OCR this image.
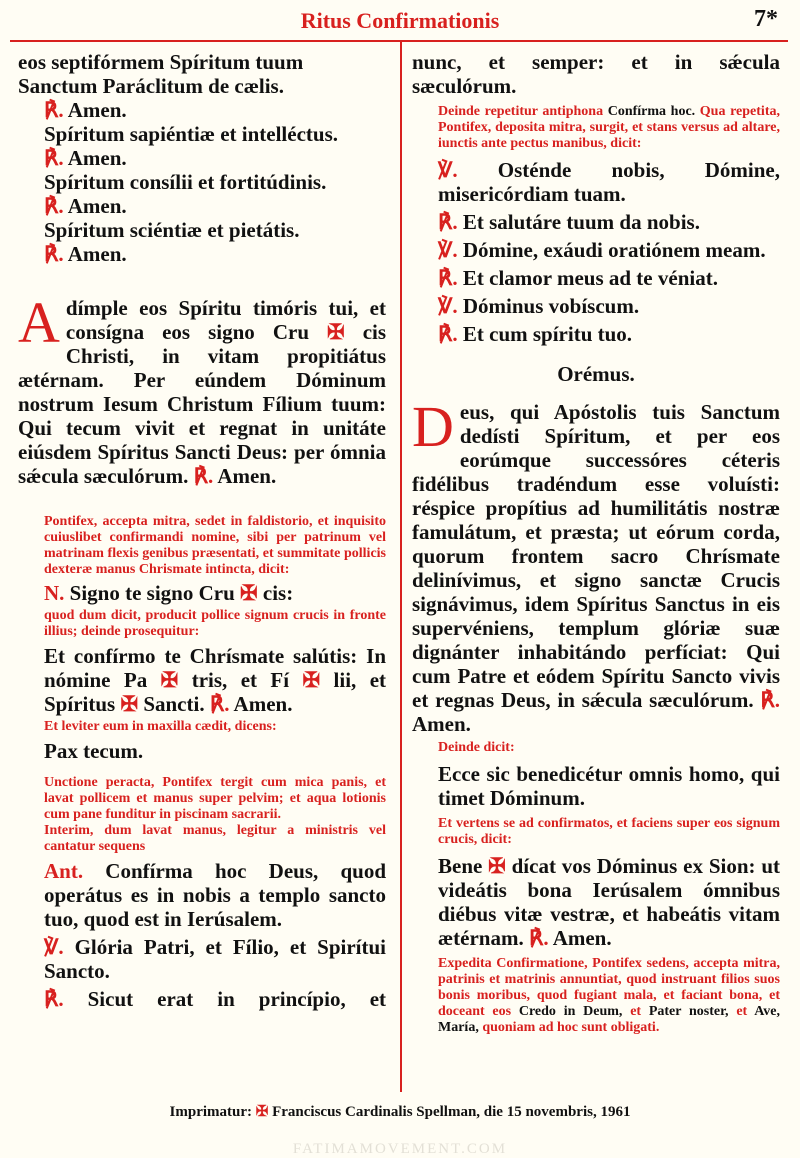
Ritus Confirmationis	7*

eos septifórmem Spíritum tuum

Sanctum Paráclitum de cælis.

℟. Amen.

Spíritum sapiéntiæ et intelléctus.

℟. Amen.

Spíritum consílii et fortitúdinis.

℟. Amen.

Spíritum sciéntiæ et pietátis.

℟. Amen.

Adímple eos Spíritu timóris tui, et consígna eos signo Cru ✠ cis Christi, in vitam propitiátus ætérnam. Per eúndem Dóminum nostrum Iesum Christum Fílium tuum: Qui tecum vivit et regnat in unitáte eiúsdem Spíritus Sancti Deus: per ómnia sǽcula sæculórum. ℟. Amen.

Pontifex, accepta mitra, sedet in faldistorio, et inquisito cuiuslibet confirmandi nomine, sibi per patrinum vel matrinam flexis genibus præsentati, et summitate pollicis dexteræ manus Chrismate intincta, dicit:

N. Signo te signo Cru ✠ cis:

quod dum dicit, producit pollice signum crucis in fronte illius; deinde prosequitur:

Et confírmo te Chrísmate salútis: In nómine Pa ✠ tris, et Fí ✠ lii, et Spíritus ✠ Sancti. ℟. Amen.

Et leviter eum in maxilla cædit, dicens:

Pax tecum.

Unctione peracta, Pontifex tergit cum mica panis, et lavat pollicem et manus super pelvim; et aqua lotionis cum pane funditur in piscinam sacrarii.

Interim, dum lavat manus, legitur a ministris vel cantatur sequens

Ant. Confírma hoc Deus, quod operátus es in nobis a templo sancto tuo, quod est in Ierúsalem.

℣. Glória Patri, et Fílio, et Spirítui Sancto.

℟. Sicut erat in princípio, et

nunc, et semper: et in sǽcula sæculórum.

Deinde repetitur antiphona Confírma hoc. Qua repetita, Pontifex, deposita mitra, surgit, et stans versus ad altare, iunctis ante pectus manibus, dicit:

℣. Osténde nobis, Dómine, misericórdiam tuam.

℟. Et salutáre tuum da nobis.

℣. Dómine, exáudi oratiónem meam.

℟. Et clamor meus ad te véniat.

℣. Dóminus vobíscum.

℟. Et cum spíritu tuo.

Orémus.

Deus, qui Apóstolis tuis Sanctum dedísti Spíritum, et per eos eorúmque successóres céteris fidélibus tradéndum esse voluísti: réspice propítius ad humilitátis nostræ famulátum, et præsta; ut eórum corda, quorum frontem sacro Chrísmate delinívimus, et signo sanctæ Crucis signávimus, idem Spíritus Sanctus in eis supervéniens, templum glóriæ suæ dignánter inhabitándo perfíciat: Qui cum Patre et eódem Spíritu Sancto vivis et regnas Deus, in sǽcula sæculórum. ℟. Amen.

Deinde dicit:

Ecce sic benedicétur omnis homo, qui timet Dóminum.

Et vertens se ad confirmatos, et faciens super eos signum crucis, dicit:

Bene ✠ dícat vos Dóminus ex Sion: ut videátis bona Ierúsalem ómnibus diébus vitæ vestræ, et habeátis vitam ætérnam. ℟. Amen.

Expedita Confirmatione, Pontifex sedens, accepta mitra, patrinis et matrinis annuntiat, quod instruant filios suos bonis moribus, quod fugiant mala, et faciant bona, et doceant eos Credo in Deum, et Pater noster, et Ave, María, quoniam ad hoc sunt obligati.

Imprimatur: ✠ Franciscus Cardinalis Spellman, die 15 novembris, 1961
FATIMAMOVEMENT.COM
